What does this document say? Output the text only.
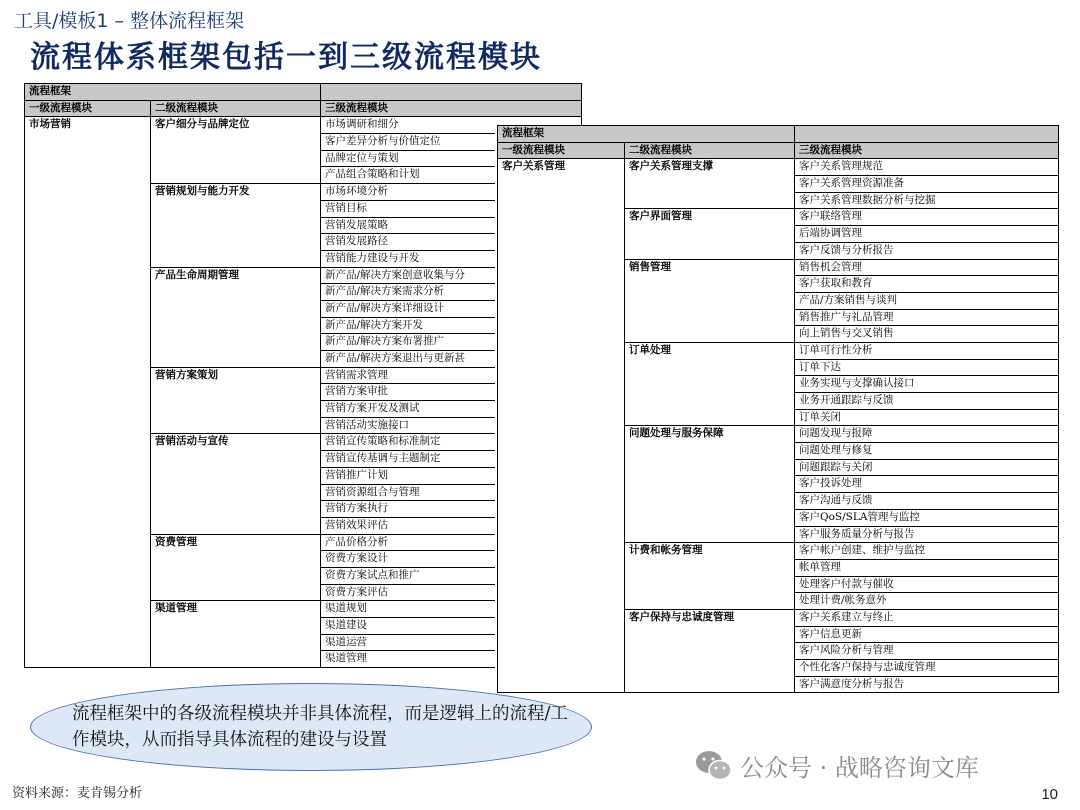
工具/模板1 – 整体流程框架
流程体系框架包括一到三级流程模块
流程框架		
一级流程模块	二级流程模块	三级流程模块
市场营销	客户细分与品牌定位	市场调研和细分
		客户差异分析与价值定位
		品牌定位与策划
		产品组合策略和计划
	营销规划与能力开发	市场环境分析
		营销目标
		营销发展策略
		营销发展路径
		营销能力建设与开发
	产品生命周期管理	新产品/解决方案创意收集与分
		新产品/解决方案需求分析
		新产品/解决方案详细设计
		新产品/解决方案开发
		新产品/解决方案布署推广
		新产品/解决方案退出与更新甚
	营销方案策划	营销需求管理
		营销方案审批
		营销方案开发及测试
		营销活动实施接口
	营销活动与宣传	营销宣传策略和标准制定
		营销宣传基调与主题制定
		营销推广计划
		营销资源组合与管理
		营销方案执行
		营销效果评估
	资费管理	产品价格分析
		资费方案设计
		资费方案试点和推广
		资费方案评估
	渠道管理	渠道规划
		渠道建设
		渠道运营
		渠道管理
流程框架		
一级流程模块	二级流程模块	三级流程模块
客户关系管理	客户关系管理支撑	客户关系管理规范
		客户关系管理资源准备
		客户关系管理数据分析与挖掘
	客户界面管理	客户联络管理
		后端协调管理
		客户反馈与分析报告
	销售管理	销售机会管理
		客户获取和教育
		产品/方案销售与谈判
		销售推广与礼品管理
		向上销售与交叉销售
	订单处理	订单可行性分析
		订单下达
		业务实现与支撑确认接口
		业务开通跟踪与反馈
		订单关闭
	问题处理与服务保障	问题发现与报障
		问题处理与修复
		问题跟踪与关闭
		客户投诉处理
		客户沟通与反馈
		客户QoS/SLA管理与监控
		客户服务质量分析与报告
	计费和帐务管理	客户帐户创建、维护与监控
		帐单管理
		处理客户付款与催收
		处理计费/帐务意外
	客户保持与忠诚度管理	客户关系建立与终止
		客户信息更新
		客户风险分析与管理
		个性化客户保持与忠诚度管理
		客户满意度分析与报告
流程框架中的各级流程模块并非具体流程，而是逻辑上的流程/工作模块，从而指导具体流程的建设与设置
资料来源：麦肯锡分析
公众号 · 战略咨询文库
10
